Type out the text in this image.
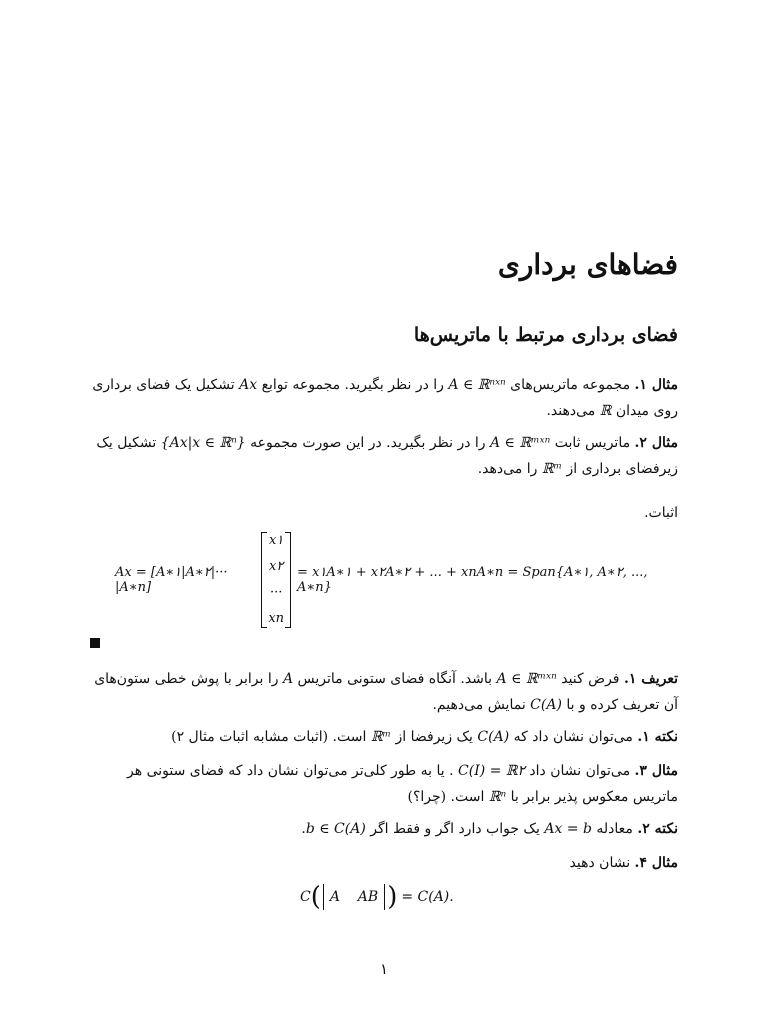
فضاهای برداری
فضای برداری مرتبط با ماتریس‌ها
مثال ۱. مجموعه ماتریس‌های A ∈ ℝⁿˣⁿ را در نظر بگیرید. مجموعه توابع Ax تشکیل یک فضای برداری روی میدان ℝ می‌دهند.
مثال ۲. ماتریس ثابت A ∈ ℝᵐˣⁿ را در نظر بگیرید. در این صورت مجموعه {Ax|x ∈ ℝⁿ} تشکیل یک زیرفضای برداری از ℝᵐ را می‌دهد.
اثبات.
Ax = [A∗۱|A∗۲|··· |A∗n]
x۱
x۲
···
xn
= x۱A∗۱ + x۲A∗۲ + ... + xnA∗n = Span{A∗۱, A∗۲, ..., A∗n}
تعریف ۱. فرض کنید A ∈ ℝᵐˣⁿ باشد. آنگاه فضای ستونی ماتریس A را برابر با پوش خطی ستون‌های آن تعریف کرده و با C(A) نمایش می‌دهیم.
نکته ۱. می‌توان نشان داد که C(A) یک زیرفضا از ℝᵐ است. (اثبات مشابه اثبات مثال ۲)
مثال ۳. می‌توان نشان داد C(I) = ℝ۲ . یا به طور کلی‌تر می‌توان نشان داد که فضای ستونی هر ماتریس معکوس پذیر برابر با ℝⁿ است. (چرا؟)
نکته ۲. معادله Ax = b یک جواب دارد اگر و فقط اگر b ∈ C(A).
مثال ۴. نشان دهید
C ( A    AB ) = C(A).
۱
